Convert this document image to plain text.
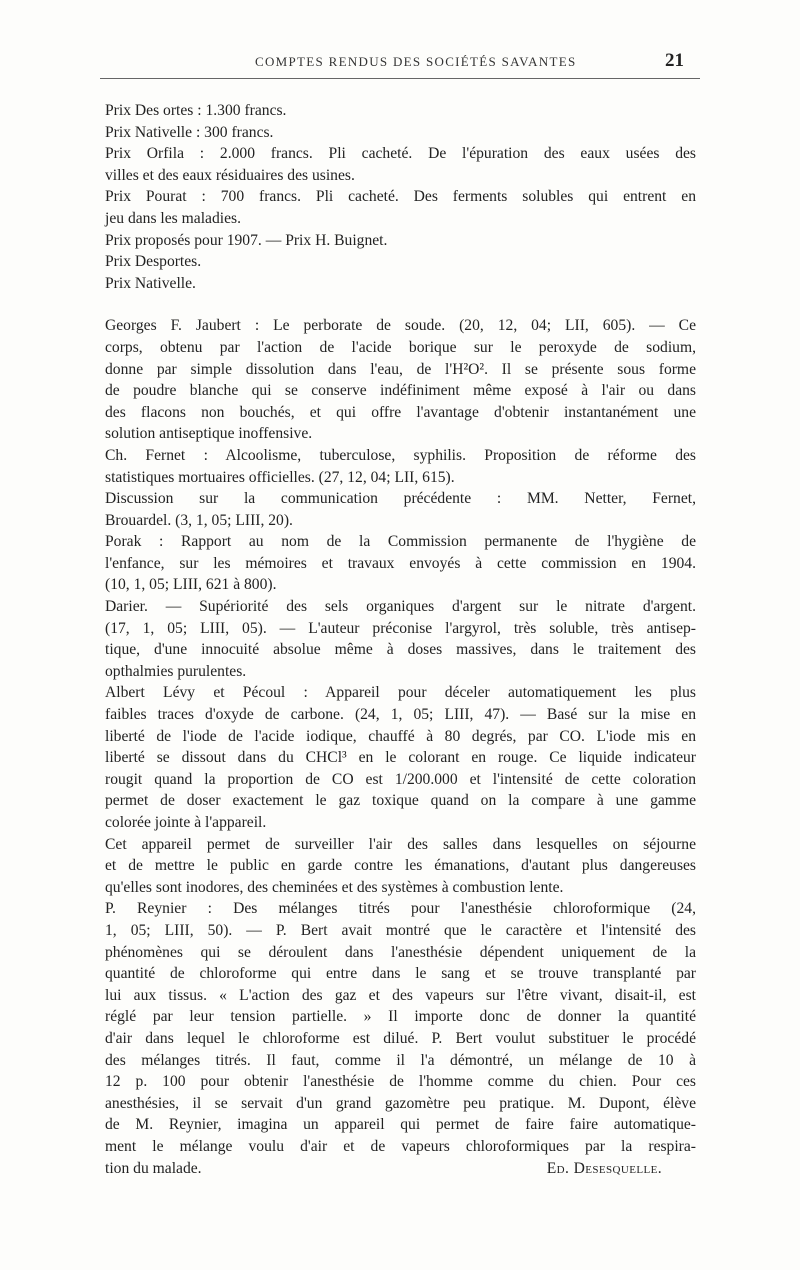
COMPTES RENDUS DES SOCIÉTÉS SAVANTES	21
Prix Des ortes : 1.300 francs.
Prix Nativelle : 300 francs.
Prix Orfila : 2.000 francs. Pli cacheté. De l'épuration des eaux usées des
villes et des eaux résiduaires des usines.
Prix Pourat : 700 francs. Pli cacheté. Des ferments solubles qui entrent en
jeu dans les maladies.
Prix proposés pour 1907. — Prix H. Buignet.
Prix Desportes.
Prix Nativelle.
Georges F. Jaubert : Le perborate de soude. (20, 12, 04; LII, 605). — Ce
corps, obtenu par l'action de l'acide borique sur le peroxyde de sodium,
donne par simple dissolution dans l'eau, de l'H²O². Il se présente sous forme
de poudre blanche qui se conserve indéfiniment même exposé à l'air ou dans
des flacons non bouchés, et qui offre l'avantage d'obtenir instantanément une
solution antiseptique inoffensive.
Ch. Fernet : Alcoolisme, tuberculose, syphilis. Proposition de réforme des
statistiques mortuaires officielles. (27, 12, 04; LII, 615).
Discussion sur la communication précédente : MM. Netter, Fernet,
Brouardel. (3, 1, 05; LIII, 20).
Porak : Rapport au nom de la Commission permanente de l'hygiène de
l'enfance, sur les mémoires et travaux envoyés à cette commission en 1904.
(10, 1, 05; LIII, 621 à 800).
Darier. — Supériorité des sels organiques d'argent sur le nitrate d'argent.
(17, 1, 05; LIII, 05). — L'auteur préconise l'argyrol, très soluble, très antisep-
tique, d'une innocuité absolue même à doses massives, dans le traitement des
opthalmies purulentes.
Albert Lévy et Pécoul : Appareil pour déceler automatiquement les plus
faibles traces d'oxyde de carbone. (24, 1, 05; LIII, 47). — Basé sur la mise en
liberté de l'iode de l'acide iodique, chauffé à 80 degrés, par CO. L'iode mis en
liberté se dissout dans du CHCl³ en le colorant en rouge. Ce liquide indicateur
rougit quand la proportion de CO est 1/200.000 et l'intensité de cette coloration
permet de doser exactement le gaz toxique quand on la compare à une gamme
colorée jointe à l'appareil.
Cet appareil permet de surveiller l'air des salles dans lesquelles on séjourne
et de mettre le public en garde contre les émanations, d'autant plus dangereuses
qu'elles sont inodores, des cheminées et des systèmes à combustion lente.
P. Reynier : Des mélanges titrés pour l'anesthésie chloroformique (24,
1, 05; LIII, 50). — P. Bert avait montré que le caractère et l'intensité des
phénomènes qui se déroulent dans l'anesthésie dépendent uniquement de la
quantité de chloroforme qui entre dans le sang et se trouve transplanté par
lui aux tissus. « L'action des gaz et des vapeurs sur l'être vivant, disait-il, est
réglé par leur tension partielle. » Il importe donc de donner la quantité
d'air dans lequel le chloroforme est dilué. P. Bert voulut substituer le procédé
des mélanges titrés. Il faut, comme il l'a démontré, un mélange de 10 à
12 p. 100 pour obtenir l'anesthésie de l'homme comme du chien. Pour ces
anesthésies, il se servait d'un grand gazomètre peu pratique. M. Dupont, élève
de M. Reynier, imagina un appareil qui permet de faire faire automatique-
ment le mélange voulu d'air et de vapeurs chloroformiques par la respira-
tion du malade.	Ed. Desesquelle.
